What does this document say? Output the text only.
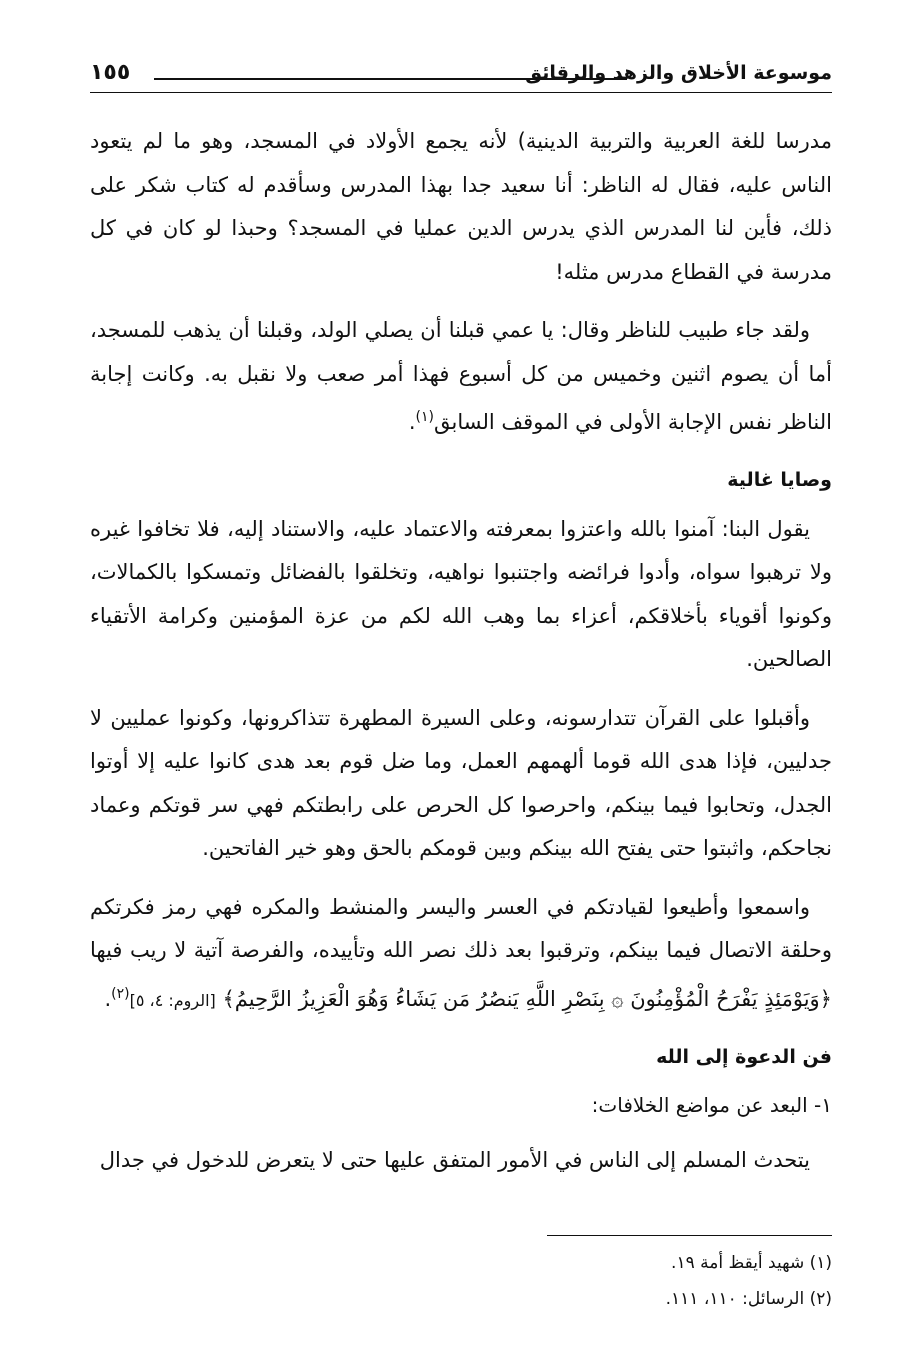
موسوعة الأخلاق والزهد والرقائق
١٥٥

مدرسا للغة العربية والتربية الدينية) لأنه يجمع الأولاد في المسجد، وهو ما لم يتعود الناس عليه، فقال له الناظر: أنا سعيد جدا بهذا المدرس وسأقدم له كتاب شكر على ذلك، فأين لنا المدرس الذي يدرس الدين عمليا في المسجد؟ وحبذا لو كان في كل مدرسة في القطاع مدرس مثله!

ولقد جاء طبيب للناظر وقال: يا عمي قبلنا أن يصلي الولد، وقبلنا أن يذهب للمسجد، أما أن يصوم اثنين وخميس من كل أسبوع فهذا أمر صعب ولا نقبل به. وكانت إجابة الناظر نفس الإجابة الأولى في الموقف السابق$^{(١)}$.

وصايا غالية

يقول البنا: آمنوا بالله واعتزوا بمعرفته والاعتماد عليه، والاستناد إليه، فلا تخافوا غيره ولا ترهبوا سواه، وأدوا فرائضه واجتنبوا نواهيه، وتخلقوا بالفضائل وتمسكوا بالكمالات، وكونوا أقوياء بأخلاقكم، أعزاء بما وهب الله لكم من عزة المؤمنين وكرامة الأتقياء الصالحين.

وأقبلوا على القرآن تتدارسونه، وعلى السيرة المطهرة تتذاكرونها، وكونوا عمليين لا جدليين، فإذا هدى الله قوما ألهمهم العمل، وما ضل قوم بعد هدى كانوا عليه إلا أوتوا الجدل، وتحابوا فيما بينكم، واحرصوا كل الحرص على رابطتكم فهي سر قوتكم وعماد نجاحكم، واثبتوا حتى يفتح الله بينكم وبين قومكم بالحق وهو خير الفاتحين.

واسمعوا وأطيعوا لقيادتكم في العسر واليسر والمنشط والمكره فهي رمز فكرتكم وحلقة الاتصال فيما بينكم، وترقبوا بعد ذلك نصر الله وتأييده، والفرصة آتية لا ريب فيها ﴿وَيَوْمَئِذٍ يَفْرَحُ الْمُؤْمِنُونَ ۞ بِنَصْرِ اللَّهِ يَنصُرُ مَن يَشَاءُ وَهُوَ الْعَزِيزُ الرَّحِيمُ﴾ [الروم: ٤، ٥]$^{(٢)}$.

فن الدعوة إلى الله
١- البعد عن مواضع الخلافات:

يتحدث المسلم إلى الناس في الأمور المتفق عليها حتى لا يتعرض للدخول في جدال

(١) شهيد أيقظ أمة ١٩.
(٢) الرسائل: ١١٠، ١١١.
